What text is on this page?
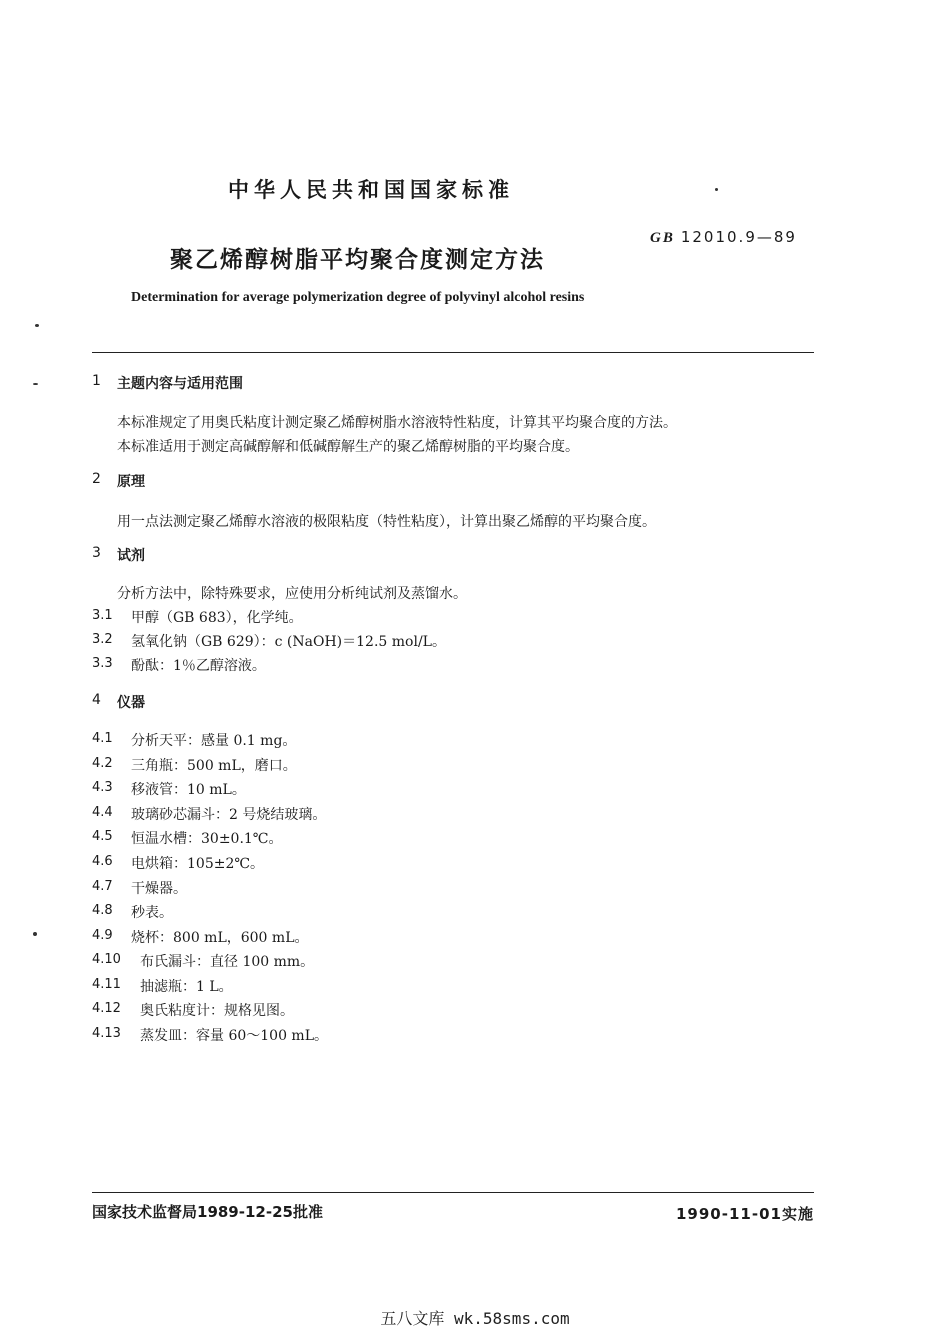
中华人民共和国国家标准
GB 12010.9—89
聚乙烯醇树脂平均聚合度测定方法
Determination for average polymerization degree of polyvinyl alcohol resins
1 主题内容与适用范围
本标准规定了用奥氏粘度计测定聚乙烯醇树脂水溶液特性粘度，计算其平均聚合度的方法。
本标准适用于测定高碱醇解和低碱醇解生产的聚乙烯醇树脂的平均聚合度。
2 原理
用一点法测定聚乙烯醇水溶液的极限粘度（特性粘度），计算出聚乙烯醇的平均聚合度。
3 试剂
分析方法中，除特殊要求，应使用分析纯试剂及蒸馏水。
3.1 甲醇（GB 683），化学纯。
3.2 氢氧化钠（GB 629）：c (NaOH)＝12.5 mol/L。
3.3 酚酞：1％乙醇溶液。
4 仪器
4.1 分析天平：感量 0.1 mg。
4.2 三角瓶：500 mL，磨口。
4.3 移液管：10 mL。
4.4 玻璃砂芯漏斗：2 号烧结玻璃。
4.5 恒温水槽：30±0.1℃。
4.6 电烘箱：105±2℃。
4.7 干燥器。
4.8 秒表。
4.9 烧杯：800 mL，600 mL。
4.10 布氏漏斗：直径 100 mm。
4.11 抽滤瓶：1 L。
4.12 奥氏粘度计：规格见图。
4.13 蒸发皿：容量 60～100 mL。
国家技术监督局1989-12-25批准	1990-11-01实施
五八文库 wk.58sms.com
